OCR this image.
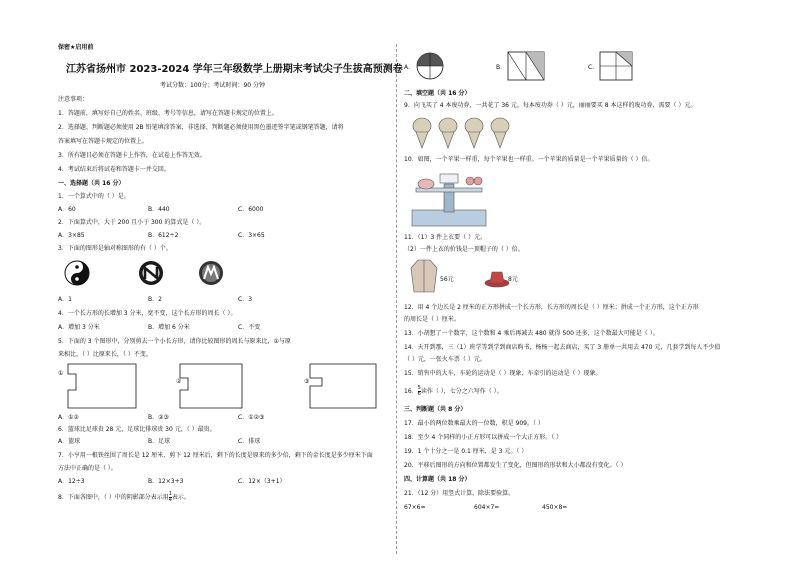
保密★启用前
江苏省扬州市 2023-2024 学年三年级数学上册期末考试尖子生拔高预测卷
考试分数：100分；考试时间：90 分钟
注意事项：
1．答题前，填写好自己的姓名、班级、考号等信息，请写在答题卡规定的位置上。
2．选择题、判断题必须使用 2B 铅笔填涂答案，非选择、判断题必须使用黑色墨迹签字笔或钢笔答题，请将
答案填写在答题卡规定的位置上。
3．所有题目必须在答题卡上作答，在试卷上作答无效。
4．考试结束后将试卷和答题卡一并交回。
一、选择题（共 16 分）
1．一个算式中的（ ）是。
A．60	B．440	C．6000
2．下面算式中，大于 200 且小于 300 的算式是（ ）。
A．3×85	B．612÷2	C．3×65
3．下面的图形是轴对称图形的有（ ）个。
A．1	B．2	C．3
4．一个长方形的长增加 3 分米，宽不变，这个长方形的周长（ ）。
A．增加 3 分米	B．增加 6 分米	C．不变
5．下面的 3 个图形中，分别剪去一个小长方形，请你比较图形的周长与原来比，①与原
来相比，（ ）比原来长，（ ）不变。
①
②	③
A．①②	B．②③	C．①②③
6．篮球比足球贵 28 元，足球比排球贵 30 元，（ ）最贵。
A．篮球	B．足球	C．排球
7．小亨用一根铁丝围了周长是 12 厘米，剪下 12 厘米后，剩下的长度是原来的多少倍，剩下的金长度是多少厘米下面
方法中正确的是（ ）。
A．12÷3	B．12×3+3	C．12×（3+1）
8．下面各图中，（ ）中的阴影部分表示用 $\frac{1}{4}$ 表示。
A．	B．	C．
二、填空题（共 16 分）
9．向飞买了 4 本废功券，一共花了 36 元。每本废功券（ ）元，丽丽要买 8 本这样的废功券，需要（ ）元。
10．如图，一个苹果一样重，每个苹果也一样重。一个苹果的质量是一个苹果质量的（ ）倍。
11．（1）3 件上衣要（ ）元。
（2）一件上衣的价钱是一顶帽子的（ ）倍。
56元	8元
12．用 4 个边长是 2 厘米的正方形拼成一个长方形，长方形的周长是（ ）厘米；拼成一个正方形，这个正方形
的周长是（ ）厘米。
13．小胡想了一个数字，这个数和 4 乘后再减去 480 就得 500 还多，这个数最大可能是（ ）。
14．天开到那，三（1）班学等到学到商店购书，杨杨一起去商店，买了 3 册单一共用去 470 元，几套学到每人不少值
（ ）元，一张火车票（ ）元。
15．销售中的大车，车轮的运动是（ ）现象，车牵引的运动是（ ）现象。
16． $\frac{5}{6}$ 读作（ ），七分之六写作（ ）。
三、判断题（共 8 分）
17．最小的两位数乘最大的一位数，积是 909。（ ）
18．至少 4 个同样的小正方形可以拼成一个大正方形。（ ）
19．1 个十分之一是 0.1 厘米，是 3 元。（ ）
20．平移后图形的方向和位置都发生了变化，但图形的形状和大小都没有变化。（ ）
四、计算题（共 18 分）
21．（12 分）用竖式计算，除法要验算。
67×6=	604×7=	450×8=
